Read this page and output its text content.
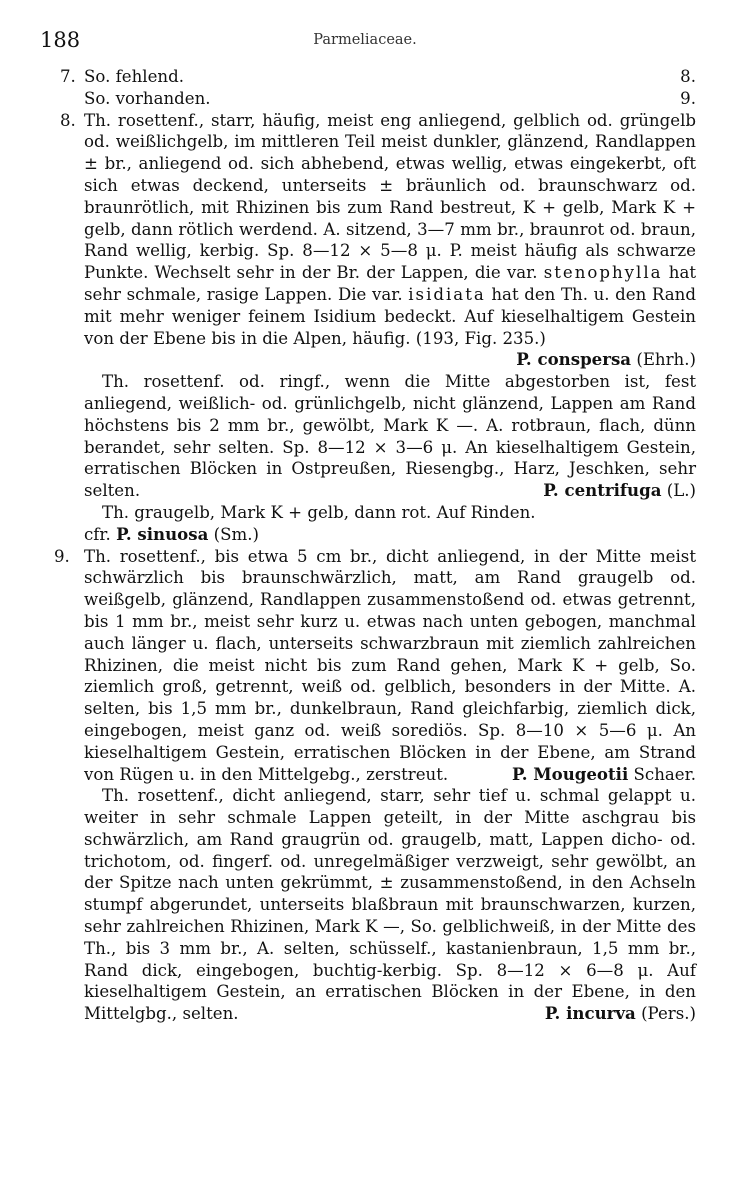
188	Parmeliaceae.
7. So. fehlend.	8.
So. vorhanden.	9.
8. Th. rosettenf., starr, häufig, meist eng anliegend, gelblich od. grüngelb od. weißlichgelb, im mittleren Teil meist dunkler, glänzend, Randlappen ± br., anliegend od. sich abhebend, etwas wellig, etwas eingekerbt, oft sich etwas deckend, unterseits ± bräunlich od. braunschwarz od. braunrötlich, mit Rhizinen bis zum Rand bestreut, K + gelb, Mark K + gelb, dann rötlich werdend. A. sitzend, 3—7 mm br., braunrot od. braun, Rand wellig, kerbig. Sp. 8—12 × 5—8 μ. P. meist häufig als schwarze Punkte. Wechselt sehr in der Br. der Lappen, die var. stenophylla hat sehr schmale, rasige Lappen. Die var. isidiata hat den Th. u. den Rand mit mehr weniger feinem Isidium bedeckt. Auf kieselhaltigem Gestein von der Ebene bis in die Alpen, häufig. (193, Fig. 235.)
P. conspersa (Ehrh.)
Th. rosettenf. od. ringf., wenn die Mitte abgestorben ist, fest anliegend, weißlich- od. grünlichgelb, nicht glänzend, Lappen am Rand höchstens bis 2 mm br., gewölbt, Mark K —. A. rotbraun, flach, dünn berandet, sehr selten. Sp. 8—12 × 3—6 μ. An kieselhaltigem Gestein, erratischen Blöcken in Ostpreußen, Riesengbg., Harz, Jeschken, sehr selten.	P. centrifuga (L.)
Th. graugelb, Mark K + gelb, dann rot. Auf Rinden.
cfr. P. sinuosa (Sm.)
9. Th. rosettenf., bis etwa 5 cm br., dicht anliegend, in der Mitte meist schwärzlich bis braunschwärzlich, matt, am Rand graugelb od. weißgelb, glänzend, Randlappen zusammenstoßend od. etwas getrennt, bis 1 mm br., meist sehr kurz u. etwas nach unten gebogen, manchmal auch länger u. flach, unterseits schwarzbraun mit ziemlich zahlreichen Rhizinen, die meist nicht bis zum Rand gehen, Mark K + gelb, So. ziemlich groß, getrennt, weiß od. gelblich, besonders in der Mitte. A. selten, bis 1,5 mm br., dunkelbraun, Rand gleichfarbig, ziemlich dick, eingebogen, meist ganz od. weiß sorediös. Sp. 8—10 × 5—6 μ. An kieselhaltigem Gestein, erratischen Blöcken in der Ebene, am Strand von Rügen u. in den Mittelgebg., zerstreut.	P. Mougeotii Schaer.
Th. rosettenf., dicht anliegend, starr, sehr tief u. schmal gelappt u. weiter in sehr schmale Lappen geteilt, in der Mitte aschgrau bis schwärzlich, am Rand graugrün od. graugelb, matt, Lappen dicho- od. trichotom, od. fingerf. od. unregelmäßiger verzweigt, sehr gewölbt, an der Spitze nach unten gekrümmt, ± zusammenstoßend, in den Achseln stumpf abgerundet, unterseits blaßbraun mit braunschwarzen, kurzen, sehr zahlreichen Rhizinen, Mark K —, So. gelblichweiß, in der Mitte des Th., bis 3 mm br., A. selten, schüsself., kastanienbraun, 1,5 mm br., Rand dick, eingebogen, buchtig-kerbig. Sp. 8—12 × 6—8 μ. Auf kieselhaltigem Gestein, an erratischen Blöcken in der Ebene, in den Mittelgbg., selten.	P. incurva (Pers.)
